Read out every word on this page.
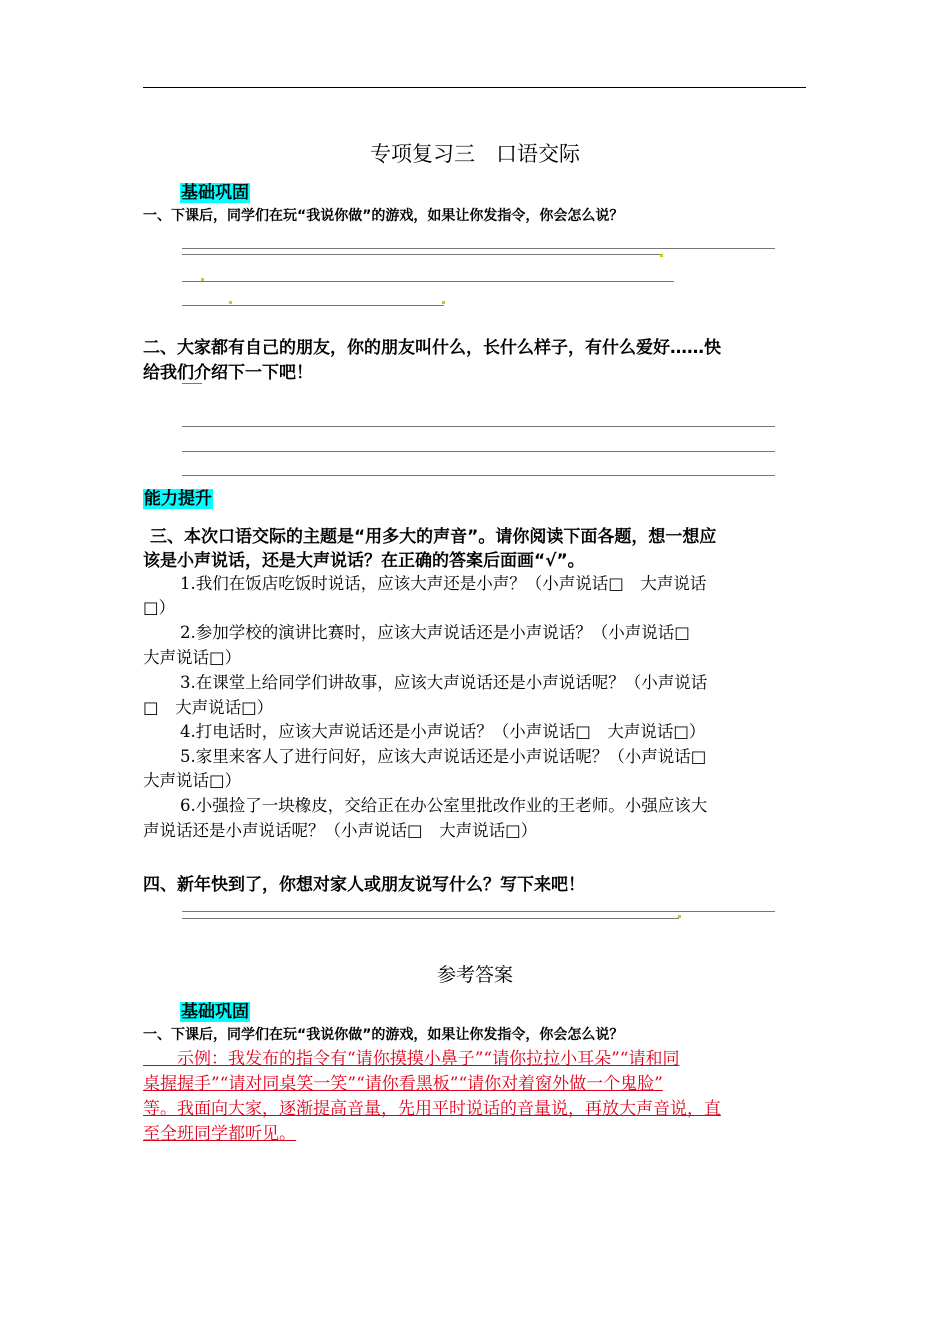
专项复习三　口语交际
基础巩固
一、下课后，同学们在玩“我说你做”的游戏，如果让你发指令，你会怎么说？
二、大家都有自己的朋友，你的朋友叫什么，长什么样子，有什么爱好……快
给我们介绍下一下吧！
能力提升
三、本次口语交际的主题是“用多大的声音”。请你阅读下面各题，想一想应
该是小声说话，还是大声说话？在正确的答案后面画“√”。
1.我们在饭店吃饭时说话，应该大声还是小声？（小声说话□　大声说话
□）
2.参加学校的演讲比赛时，应该大声说话还是小声说话？（小声说话□
大声说话□）
3.在课堂上给同学们讲故事，应该大声说话还是小声说话呢？（小声说话
□　大声说话□）
4.打电话时，应该大声说话还是小声说话？（小声说话□　大声说话□）
5.家里来客人了进行问好，应该大声说话还是小声说话呢？（小声说话□
大声说话□）
6.小强捡了一块橡皮，交给正在办公室里批改作业的王老师。小强应该大
声说话还是小声说话呢？（小声说话□　大声说话□）
四、新年快到了，你想对家人或朋友说写什么？写下来吧！
参考答案
基础巩固
一、下课后，同学们在玩“我说你做”的游戏，如果让你发指令，你会怎么说？
　　示例：我发布的指令有“请你摸摸小鼻子”“请你拉拉小耳朵”“请和同
桌握握手”“请对同桌笑一笑”“请你看黑板”“请你对着窗外做一个鬼脸”
等。我面向大家，逐渐提高音量，先用平时说话的音量说，再放大声音说，直
至全班同学都听见。
